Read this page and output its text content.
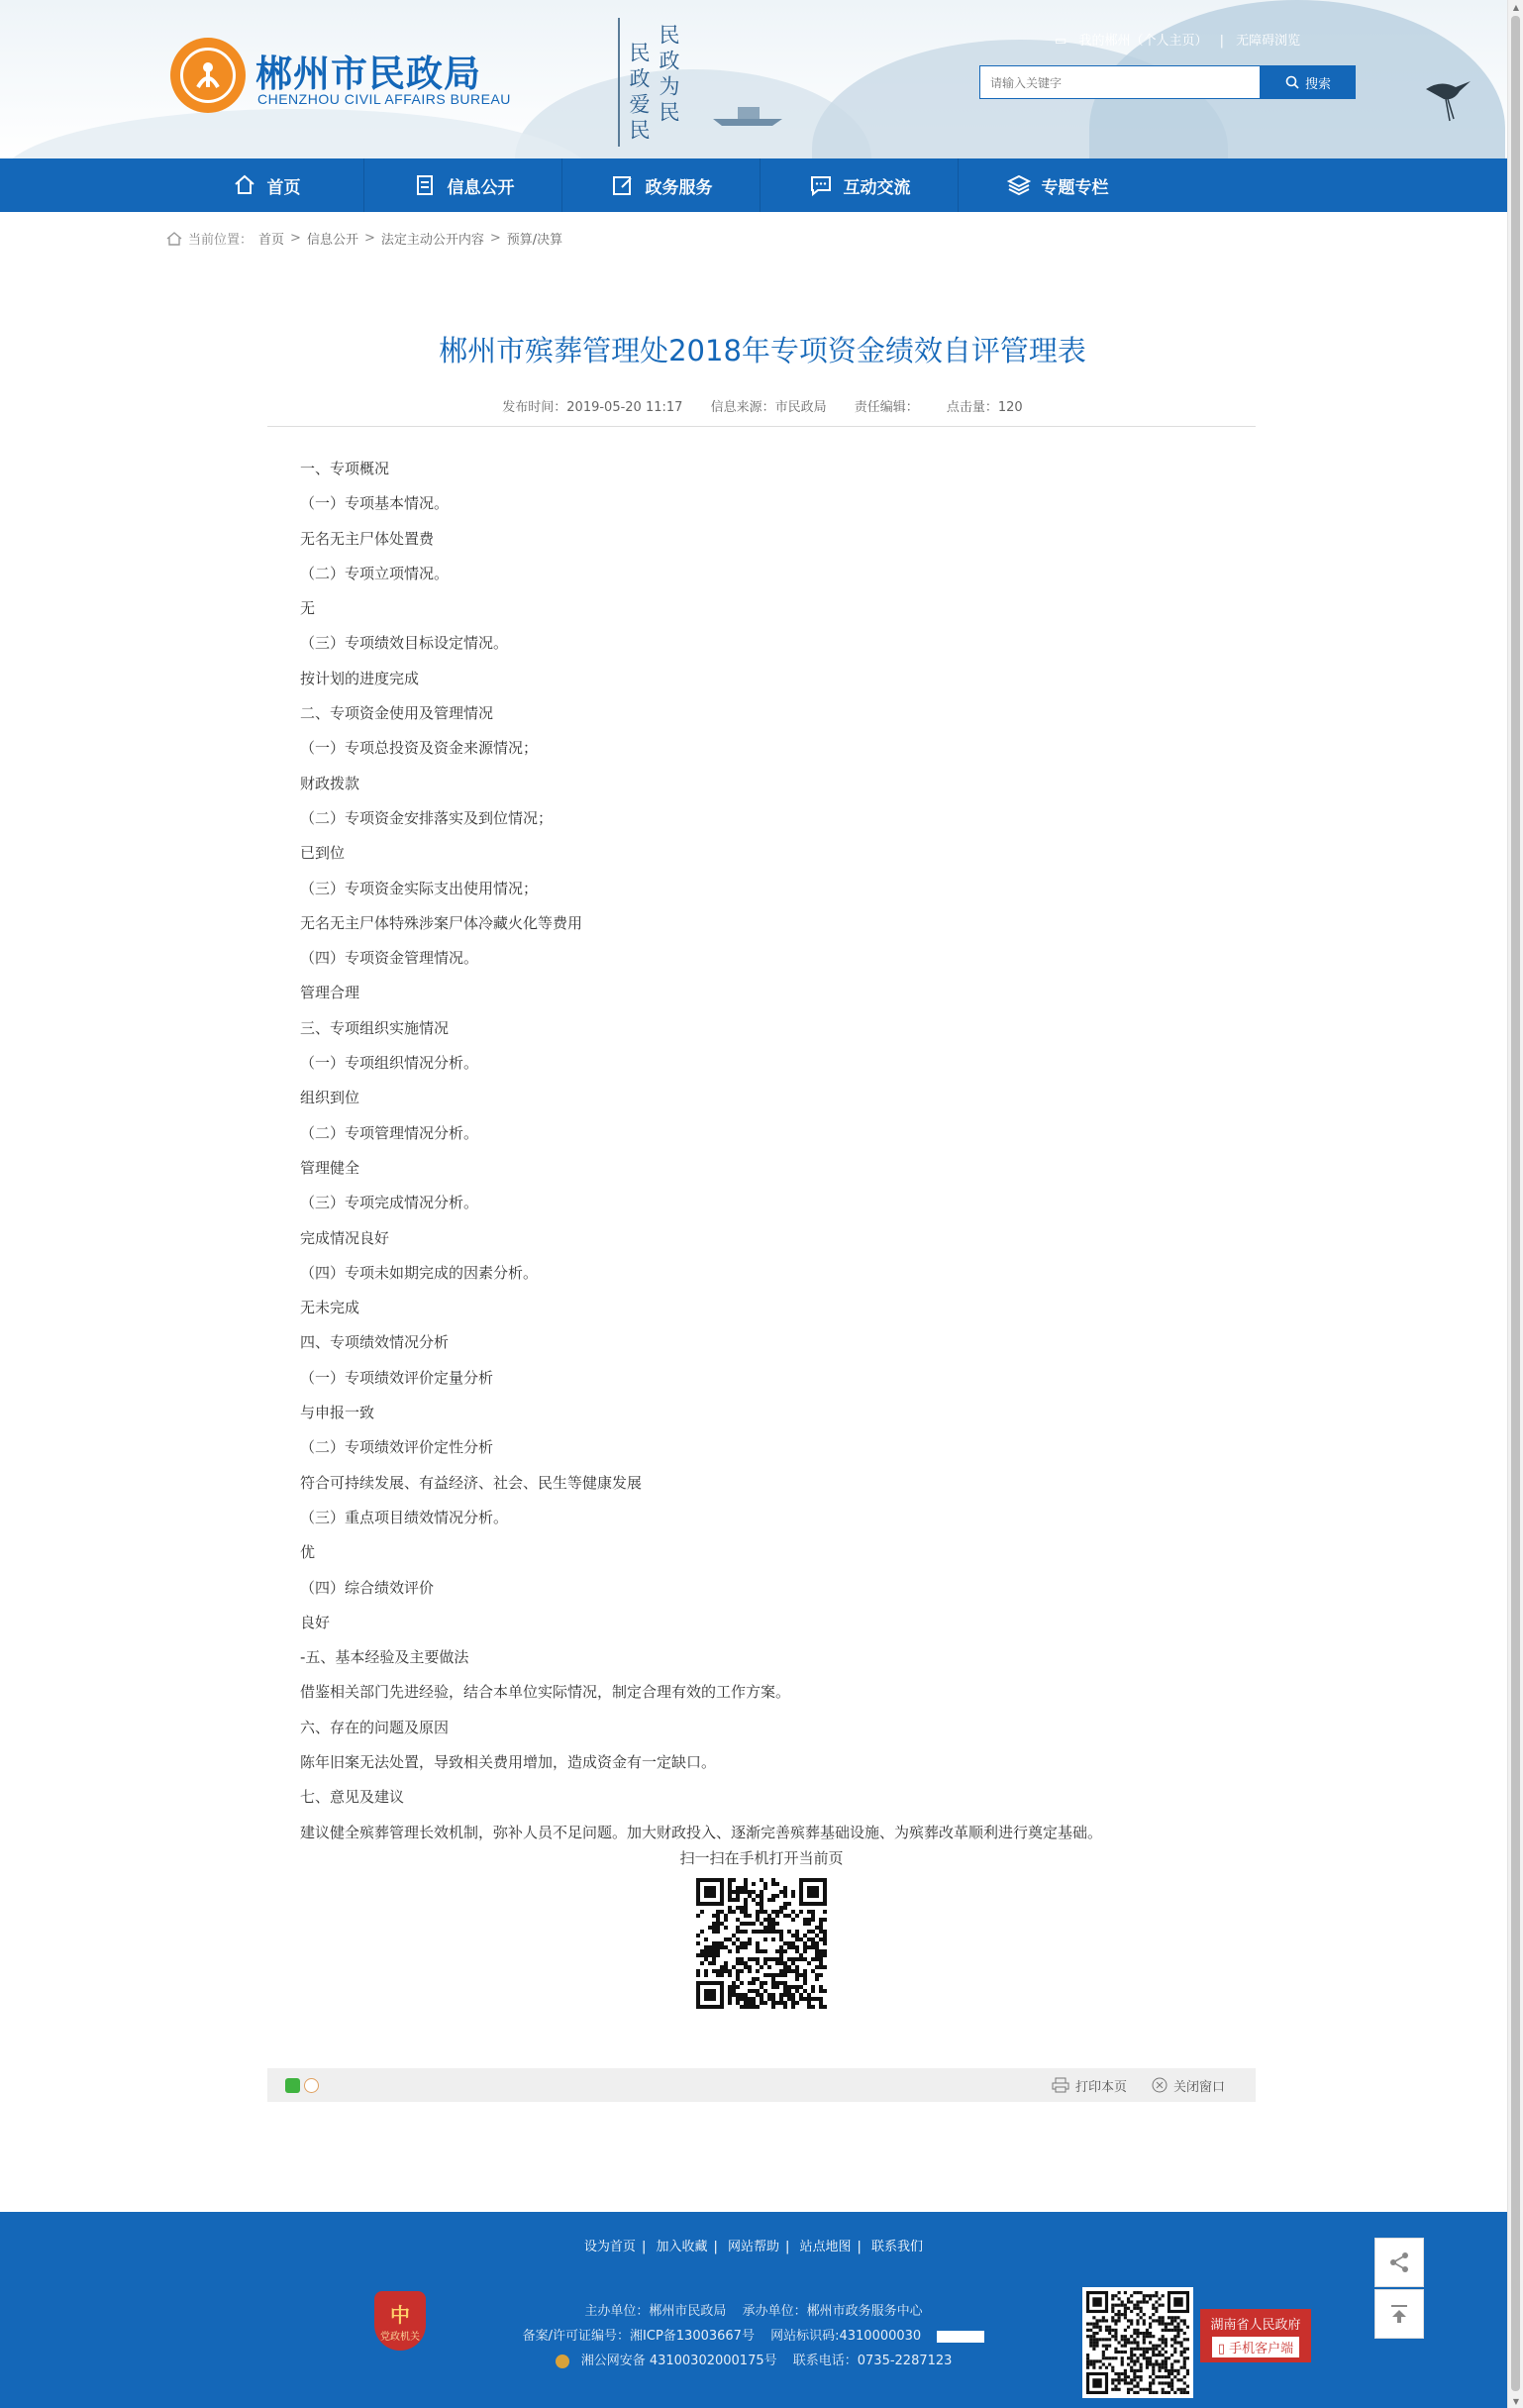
郴州市民政局
CHENZHOU CIVIL AFFAIRS BUREAU	民政为民
民政爱民
▭ 我的郴州（个人主页） | 无障碍浏览
请输入关键字
搜索
首页	信息公开	政务服务	互动交流	专题专栏
当前位置： 首页 > 信息公开 > 法定主动公开内容 > 预算/决算
郴州市殡葬管理处2018年专项资金绩效自评管理表
发布时间：2019-05-20 11:17 信息来源：市民政局 责任编辑： 点击量：120

一、专项概况

（一）专项基本情况。

无名无主尸体处置费

（二）专项立项情况。

无

（三）专项绩效目标设定情况。

按计划的进度完成

二、专项资金使用及管理情况

（一）专项总投资及资金来源情况；

财政拨款

（二）专项资金安排落实及到位情况；

已到位

（三）专项资金实际支出使用情况；

无名无主尸体特殊涉案尸体冷藏火化等费用

（四）专项资金管理情况。

管理合理

三、专项组织实施情况

（一）专项组织情况分析。

组织到位

（二）专项管理情况分析。

管理健全

（三）专项完成情况分析。

完成情况良好

（四）专项未如期完成的因素分析。

无未完成

四、专项绩效情况分析

（一）专项绩效评价定量分析

与申报一致

（二）专项绩效评价定性分析

符合可持续发展、有益经济、社会、民生等健康发展

（三）重点项目绩效情况分析。

优

（四）综合绩效评价

良好

-五、基本经验及主要做法

借鉴相关部门先进经验，结合本单位实际情况，制定合理有效的工作方案。

六、存在的问题及原因

陈年旧案无法处置，导致相关费用增加，造成资金有一定缺口。

七、意见及建议

建议健全殡葬管理长效机制，弥补人员不足问题。加大财政投入、逐渐完善殡葬基础设施、为殡葬改革顺利进行奠定基础。

扫一扫在手机打开当前页
打印本页	关闭窗口
设为首页 | 加入收藏 | 网站帮助 | 站点地图 | 联系我们
中
党政机关
主办单位：郴州市民政局 承办单位：郴州市政务服务中心
备案/许可证编号：湘ICP备13003667号 网站标识码:4310000030
湘公网安备 43100302000175号 联系电话：0735-2287123
湖南省人民政府
▯ 手机客户端
▲
▼
